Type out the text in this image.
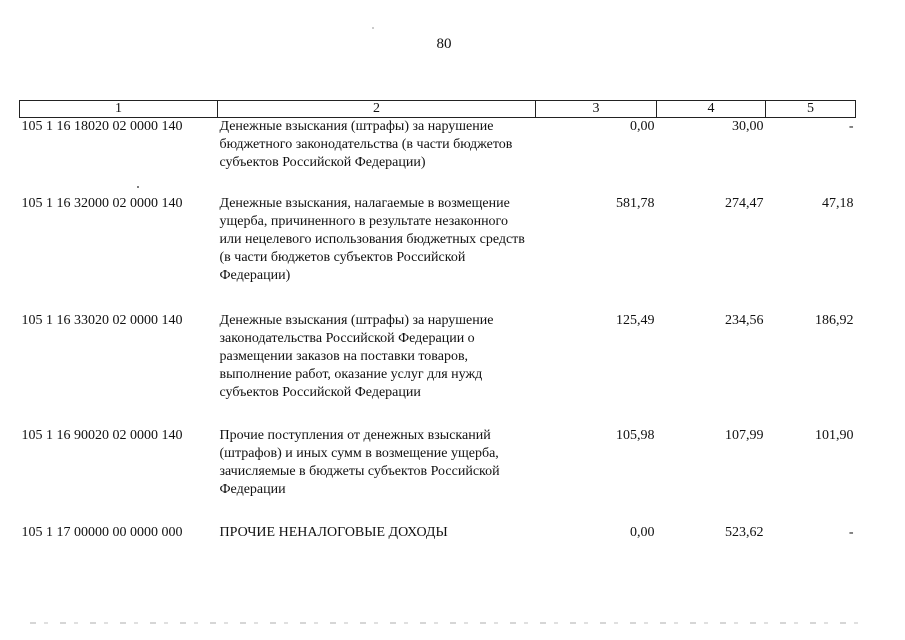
80
1	2	3	4	5
105 1 16 18020 02 0000 140	Денежные взыскания (штрафы) за нарушение бюджетного законодательства (в части бюджетов субъектов Российской Федерации)	0,00	30,00	-
105 1 16 32000 02 0000 140	Денежные взыскания, налагаемые в возмещение ущерба, причиненного в результате незаконного или нецелевого использования бюджетных средств (в части бюджетов субъектов Российской Федерации)	581,78	274,47	47,18
105 1 16 33020 02 0000 140	Денежные взыскания (штрафы) за нарушение законодательства Российской Федерации о размещении заказов на поставки товаров, выполнение работ, оказание услуг для нужд субъектов Российской Федерации	125,49	234,56	186,92
105 1 16 90020 02 0000 140	Прочие поступления от денежных взысканий (штрафов) и иных сумм в возмещение ущерба, зачисляемые в бюджеты субъектов Российской Федерации	105,98	107,99	101,90
105 1 17 00000 00 0000 000	ПРОЧИЕ НЕНАЛОГОВЫЕ ДОХОДЫ	0,00	523,62	-
